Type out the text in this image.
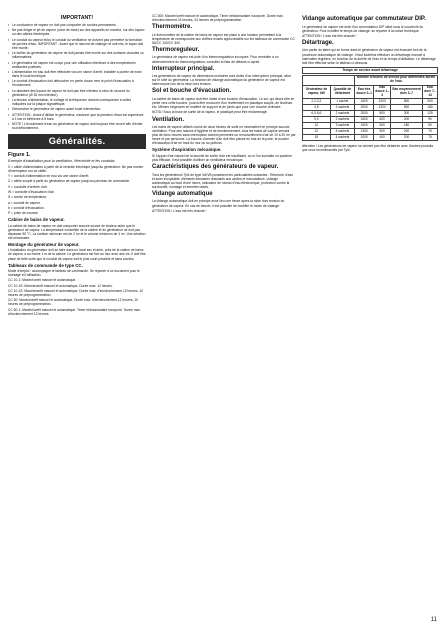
IMPORTANT!
• Le conducteur de vapeur ne doit pas comporter de coudes permanents.
• Ne pas diriger le jet de vapeur (cône de mise) sur des appareils en marche, sur des tuyaux ou des câbles électriques.
• Le conduit du vapeur et/ou le conduit du ventilateur ne doivent pas permettre la formation de poches d'eau. IMPORTANT : Avant que le raccord de vidange ne soit mis, le tuyau doit être monté.
• Le boîtier du générateur de vapeur ne doit jamais être monté sur des surfaces chaudes ou inflammables.
• Le générateur de vapeur est conçu pour une utilisation intérieure à des températures ambiantes positives.
• L'alimentation en eau doit être effectuée via une vanne d'arrêt, installée à portée de main dans le local technique.
• Le conduit d'évacuation doit déboucher en pente douce vers le point d'évacuation à l'écoulement.
• Le diamètre des tuyaux de vapeur ne doit pas être inférieur à celui du raccord du générateur (Ø 18 mm intérieur).
• La tension d'alimentation, le voltage et la fréquence doivent correspondre à celles indiquées sur la plaque signalétique.
• Débrancher le générateur de vapeur avant toute intervention.
• ATTENTION : Avant d'utiliser le générateur, s'assurer que la pression d'eau est supérieure à 1 bar et inférieure à 5 bars.
• NOTE ! L'écoulement d'eau du générateur de vapeur doit toujours être ouvert afin d'éviter tout débordement.
Généralités.
Figure 1.
Exemple d'installation pour la ventilation, l'électricité et les conduits.
X = câble d'alimentation à partir de la centrale électrique jusqu'au générateur. Ne pas monter d'interrupteur sur ce câble.
Y = conduit d'alimentation en eau via une vanne d'arrêt.
Z = câble souple à partir du générateur de vapeur jusqu'au panneau de commande.
V = conduite d'arrivée d'air.
W = conduite d'évacuation d'air.
S = sonde de température.
a = conduit de vapeur.
b = conduit d'évacuation.
P = prise de courant.
Cabine de bains de vapeur.
La cabine de bains de vapeur ne doit comporter aucune source de chaleur autre que le générateur de vapeur. La température conseillée de la cabine et du générateur ne doit pas dépasser 50 °C. La surface minimum est de 2 m² et le volume minimum de 4 m³. Une aération est nécessaire.
Montage du générateur de vapeur.
L'installation du générateur doit se faire dans un local sec et aéré, près de la cabine de bains de vapeur, à au moins 1 m de la cabine. Le générateur est fixé au mur avec des vis. Il doit être placé de telle sorte que le conduit de vapeur soit le plus court possible et sans coudes.
Tableaux de commande de type CC.
Mode d'emploi : accompagne le tableau de commande. Se reporter à ce document pour le montage et l'utilisation.
CC 10-1: Marche/arrêt manuel et automatique.
CC 10-1S: Marche/arrêt manuel et automatique. Durée max. 12 heures.
CC 10-1S: Marche/arrêt manuel et automatique. Durée max. d'enclenchement 12 heures, 10 heures de préprogrammation.
CC 50: Marche/arrêt manuel et automatique. Durée max. d'enclenchement 12 heures, 10 heures de préprogrammation.
CC 50-1: Marche/arrêt manuel et automatique. Timer hebdomadaire incorporé. Durée max. d'enclenchement 12 heures.
CC 300: Marche/arrêt manuel et automatique. Timer hebdomadaire incorporé. Durée max. d'enclenchement 24 heures, 24 heures de préprogrammation.
Thermomètre.
Le thermomètre de la cabine de bains de vapeur est placé à une hauteur permettant à la température de correspondre aux chiffres exacts approximatifs sur les tableaux de commande CC 50/CC 100/CC 300.
Thermoreguleur.
Le générateur de vapeur est doté d'un thermorégulateur incorporé. Pour remédier à un déclenchement du thermorégulateur, consulter la liste de défauts ci-après.
Interrupteur principal.
Les générateurs de vapeur de dimensions moindres sont dotés d'un interrupteur principal, situé sur le côté du générateur. La fonction de vidange automatique du générateur de vapeur est interrompue lors de la mise hors tension.
Sol et bouche d'évacuation.
La cabine de bains de vapeur doit être dotée d'une bouche d'évacuation. Le sol, qui devra être en pente vers cette bouche, pourra être recouvert d'un revêtement en plastique souple, de linoléum, etc. Mêmes exigences en matière de support et de joints que pour une douche ordinaire.
NOTA ! Sous la buse de sortie de la vapeur, le plastique peut être endommagé.
Ventilation.
Les bains de vapeur utilisés moins de deux heures de suite ne nécessitent en principe aucune ventilation. Pour des raisons d'hygiène et de fonctionnement, tous les bains de vapeur servant plus de deux heures sans interruption doivent permettre un renouvellement d'air de 10 à 20 m³ par heure et par personne. La bouche d'arrivée d'air doit être placée en bas de la porte, la bouche d'évacuation d'air en haut du mur ou au plafond.
Système d'aspiration mécanique.
Si l'apport d'air naturel de la bouche de sortie d'air est insuffisant, ou si l'on souhaite un système plus efficace, il est possible d'utiliser un ventilateur mécanique.
Caractéristiques des générateurs de vapeur.
Tous les générateurs Tylö de type VA/VB possèdent les particularités suivantes : Réservoir d'eau et acier inoxydable, éléments tubulaires résistants aux acides et incrustations, vidange automatique au bout d'une heure, indicateur de niveau d'eau électronique, protection contre la surchauffe, montage et entretien aisés.
Vidange automatique
La vidange automatique doit en principe avoir lieu une heure après la mise hors tension du générateur de vapeur. En cas de besoin, il est possible de modifier le mode de vidange.
ATTENTION ! L'eau est très chaude !
Vidange automatique par commutateur DIP.
Le générateur de vapeur est doté d'un commutateur DIP situé sous le couvercle du générateur. Pour modifier le temps de vidange, se reporter à la notice technique.
ATTENTION ! L'eau est très chaude !
Détartrage.
Une partie du tartre qui se forme dans le générateur de vapeur est évacuée lors de la procédure automatique de vidange. Il faut toutefois effectuer un détartrage manuel à intervalles réguliers, en fonction de la dureté de l'eau et du temps d'utilisation. Le détartrage doit être effectué selon le tableau ci-dessous.
Temps de service avant détartrage
		Nombre d'heures de service pour différentes dureté de l'eau			
Générateur de vapeur, kW	Quantité de détartrant	Eau très douce 0–1	Eau douce 1–3	Eau moyennement dure 3–7	Eau dure 7–14
2,2-3,2	1 sachet	1600	2200	800	300
4,5	2 sachets	2000	1200	500	180
6,0-6,6	2 sachets	2000	800	300	125
9,0	2 sachets	1600	600	200	90
10	3 sachets	1500	500	180	60
12	4 sachets	1300	500	200	75
15	4 sachets	1000	400	200	75
Attention ! Les générateurs de vapeur ne doivent pas être détartrés avec d'autres produits que ceux recommandés par Tylö.
11
